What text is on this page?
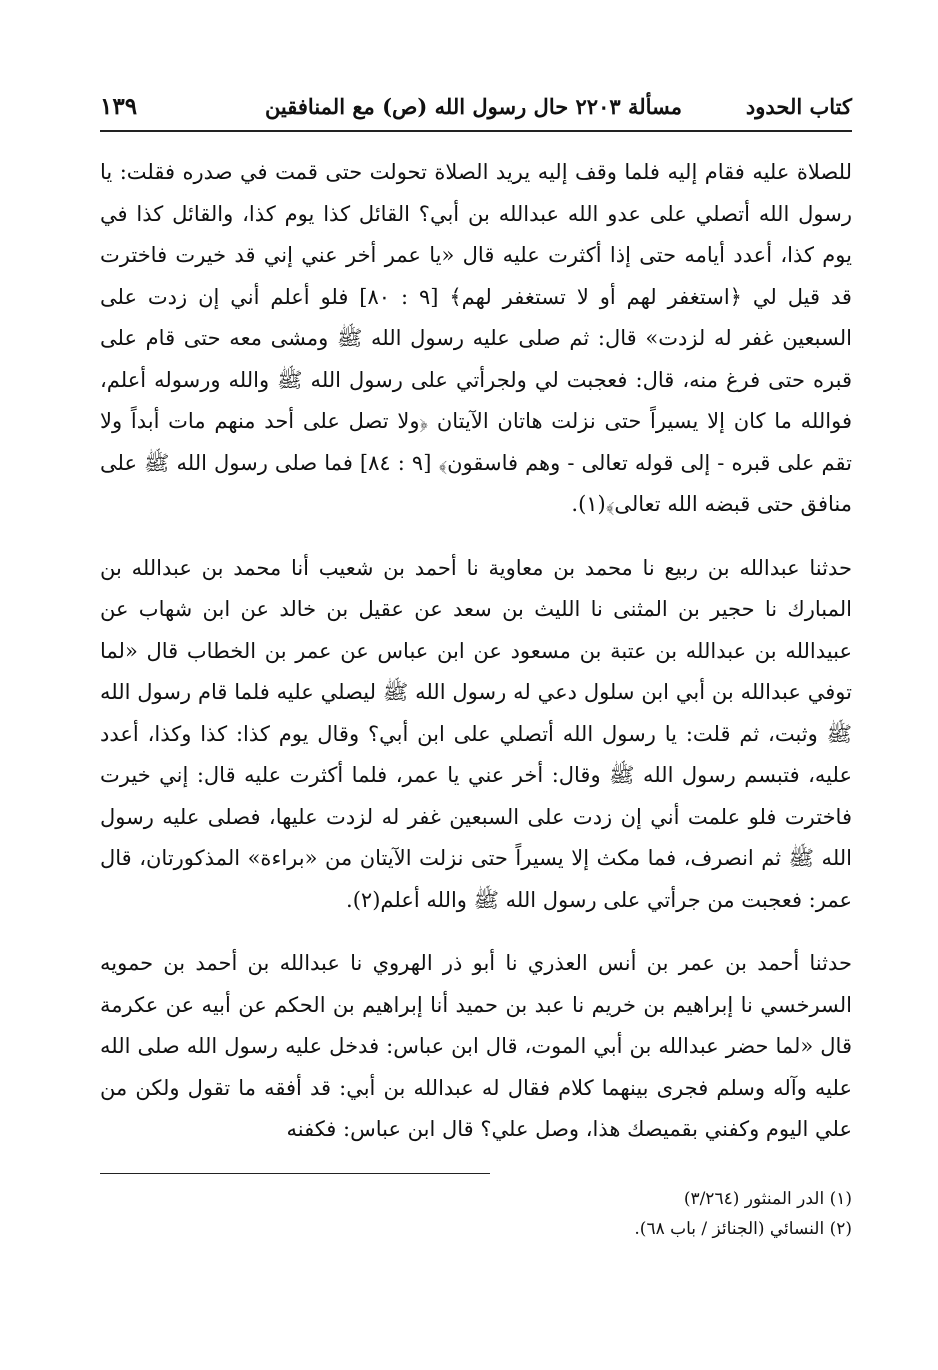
كتاب الحدود
مسألة ٢٢٠٣ حال رسول الله (ص) مع المنافقين
١٣٩

للصلاة عليه فقام إليه فلما وقف إليه يريد الصلاة تحولت حتى قمت في صدره فقلت: يا رسول الله أتصلي على عدو الله عبدالله بن أبي؟ القائل كذا يوم كذا، والقائل كذا في يوم كذا، أعدد أيامه حتى إذا أكثرت عليه قال «يا عمر أخر عني إني قد خيرت فاخترت قد قيل لي ﴿استغفر لهم أو لا تستغفر لهم﴾ [٩ : ٨٠] فلو أعلم أني إن زدت على السبعين غفر له لزدت» قال: ثم صلى عليه رسول الله ﷺ ومشى معه حتى قام على قبره حتى فرغ منه، قال: فعجبت لي ولجرأتي على رسول الله ﷺ والله ورسوله أعلم، فوالله ما كان إلا يسيراً حتى نزلت هاتان الآيتان ﴿ولا تصل على أحد منهم مات أبداً ولا تقم على قبره - إلى قوله تعالى - وهم فاسقون﴾ [٩ : ٨٤] فما صلى رسول الله ﷺ على منافق حتى قبضه الله تعالى﴾(١).

حدثنا عبدالله بن ربيع نا محمد بن معاوية نا أحمد بن شعيب أنا محمد بن عبدالله بن المبارك نا حجير بن المثنى نا الليث بن سعد عن عقيل بن خالد عن ابن شهاب عن عبيدالله بن عبدالله بن عتبة بن مسعود عن ابن عباس عن عمر بن الخطاب قال «لما توفي عبدالله بن أبي ابن سلول دعي له رسول الله ﷺ ليصلي عليه فلما قام رسول الله ﷺ وثبت، ثم قلت: يا رسول الله أتصلي على ابن أبي؟ وقال يوم كذا: كذا وكذا، أعدد عليه، فتبسم رسول الله ﷺ وقال: أخر عني يا عمر، فلما أكثرت عليه قال: إني خيرت فاخترت فلو علمت أني إن زدت على السبعين غفر له لزدت عليها، فصلى عليه رسول الله ﷺ ثم انصرف، فما مكث إلا يسيراً حتى نزلت الآيتان من «براءة» المذكورتان، قال عمر: فعجبت من جرأتي على رسول الله ﷺ والله أعلم(٢).

حدثنا أحمد بن عمر بن أنس العذري نا أبو ذر الهروي نا عبدالله بن أحمد بن حمويه السرخسي نا إبراهيم بن خريم نا عبد بن حميد أنا إبراهيم بن الحكم عن أبيه عن عكرمة قال «لما حضر عبدالله بن أبي الموت، قال ابن عباس: فدخل عليه رسول الله صلى الله عليه وآله وسلم فجرى بينهما كلام فقال له عبدالله بن أبي: قد أفقه ما تقول ولكن من علي اليوم وكفني بقميصك هذا، وصل علي؟ قال ابن عباس: فكفنه

(١) الدر المنثور (٣/٢٦٤)
(٢) النسائي (الجنائز / باب ٦٨).
